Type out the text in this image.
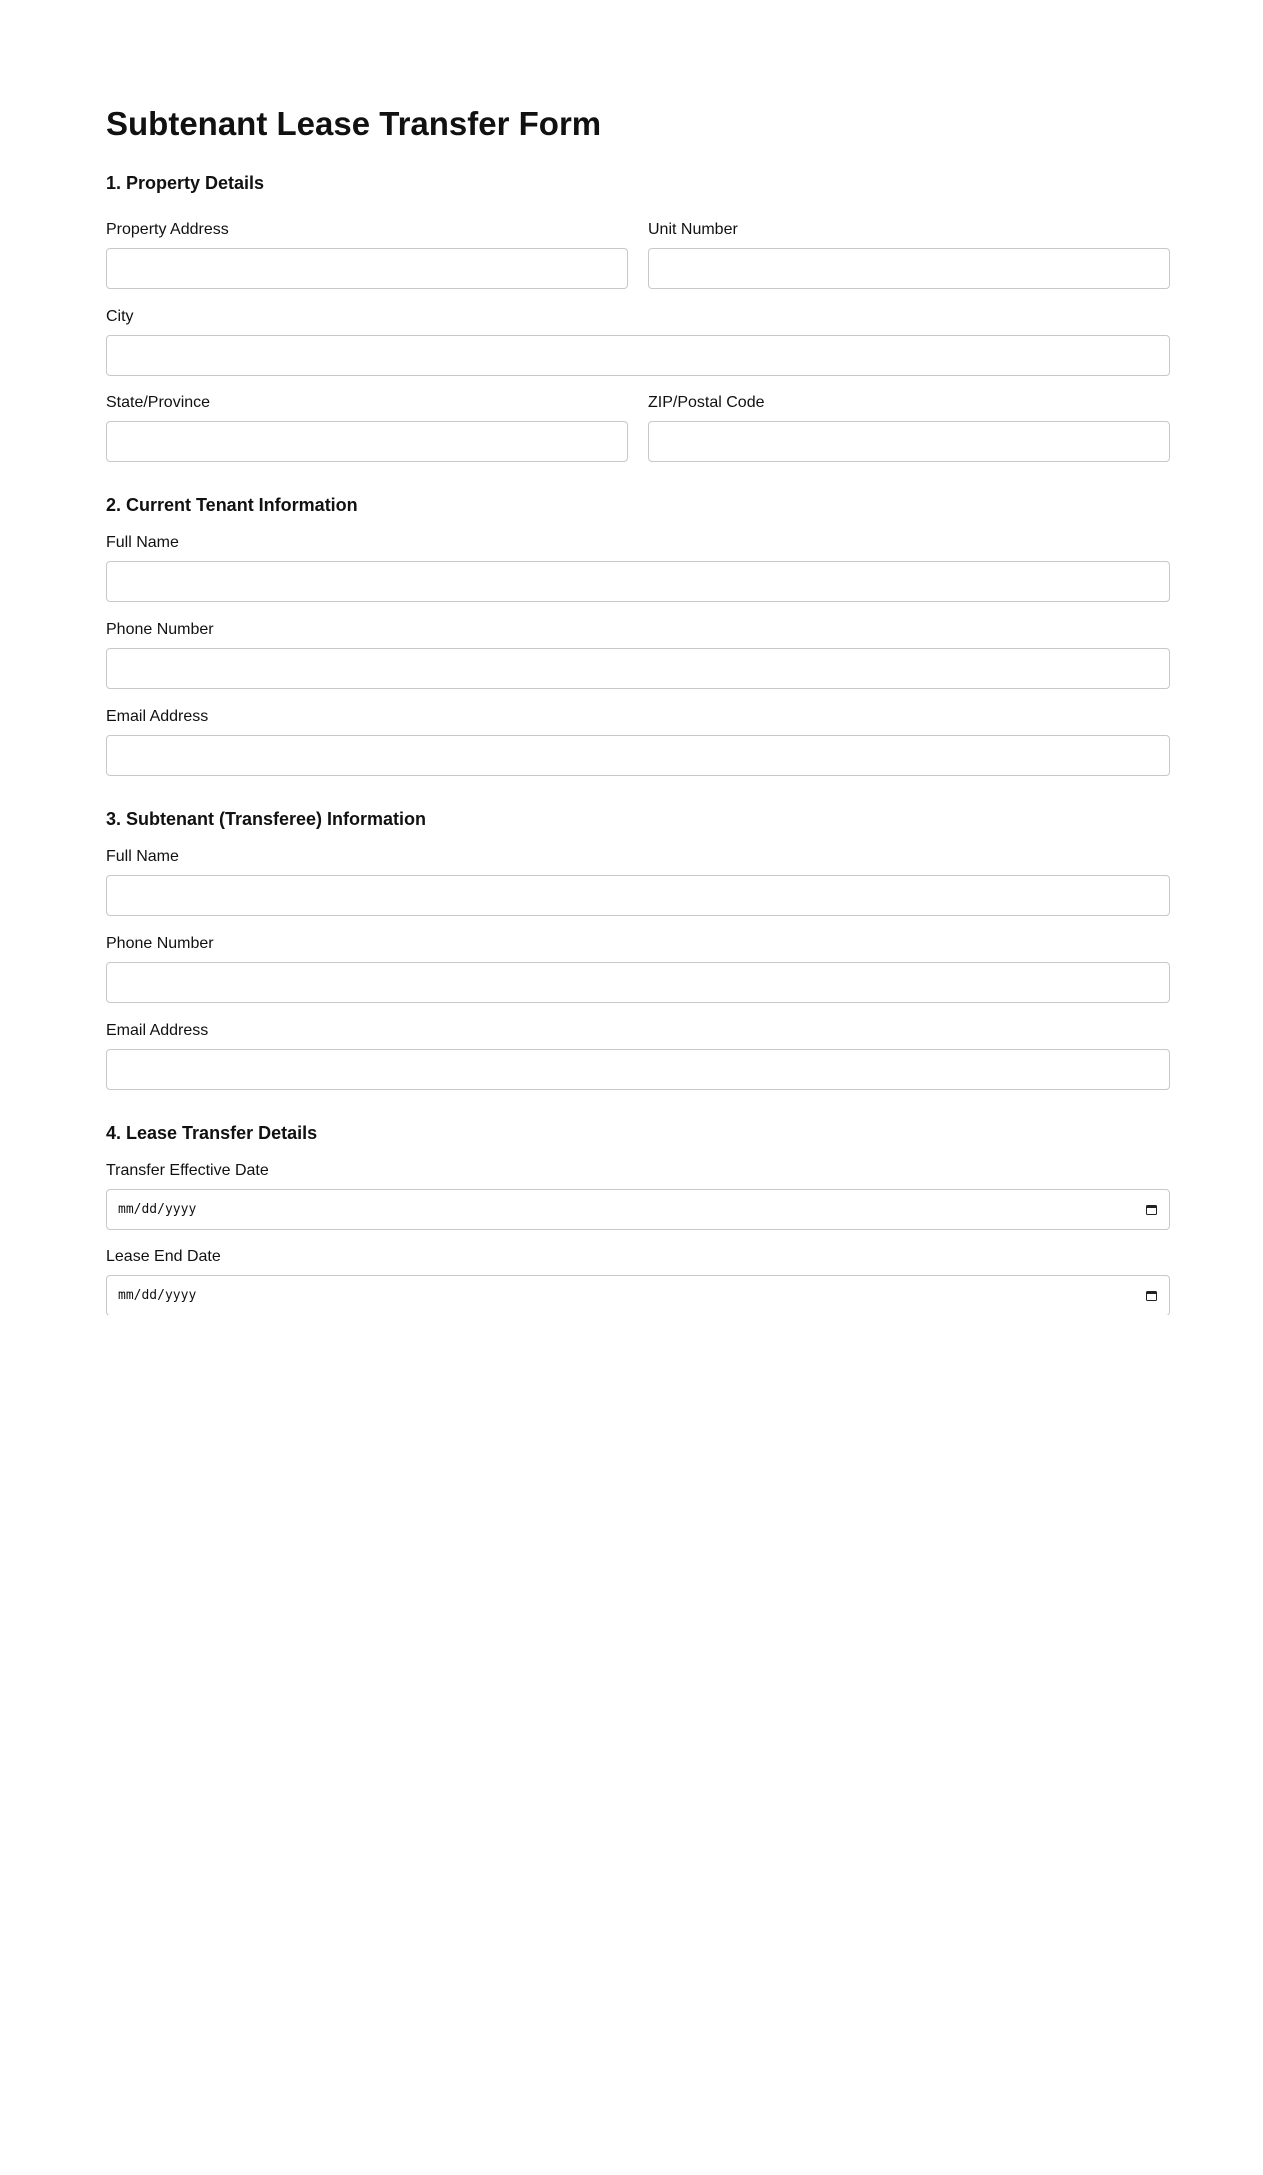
Subtenant Lease Transfer Form
1. Property Details
Property Address	Unit Number
City
State/Province	ZIP/Postal Code
2. Current Tenant Information
Full Name
Phone Number
Email Address
3. Subtenant (Transferee) Information
Full Name
Phone Number
Email Address
4. Lease Transfer Details
Transfer Effective Date
mm/dd/yyyy
Lease End Date
mm/dd/yyyy
